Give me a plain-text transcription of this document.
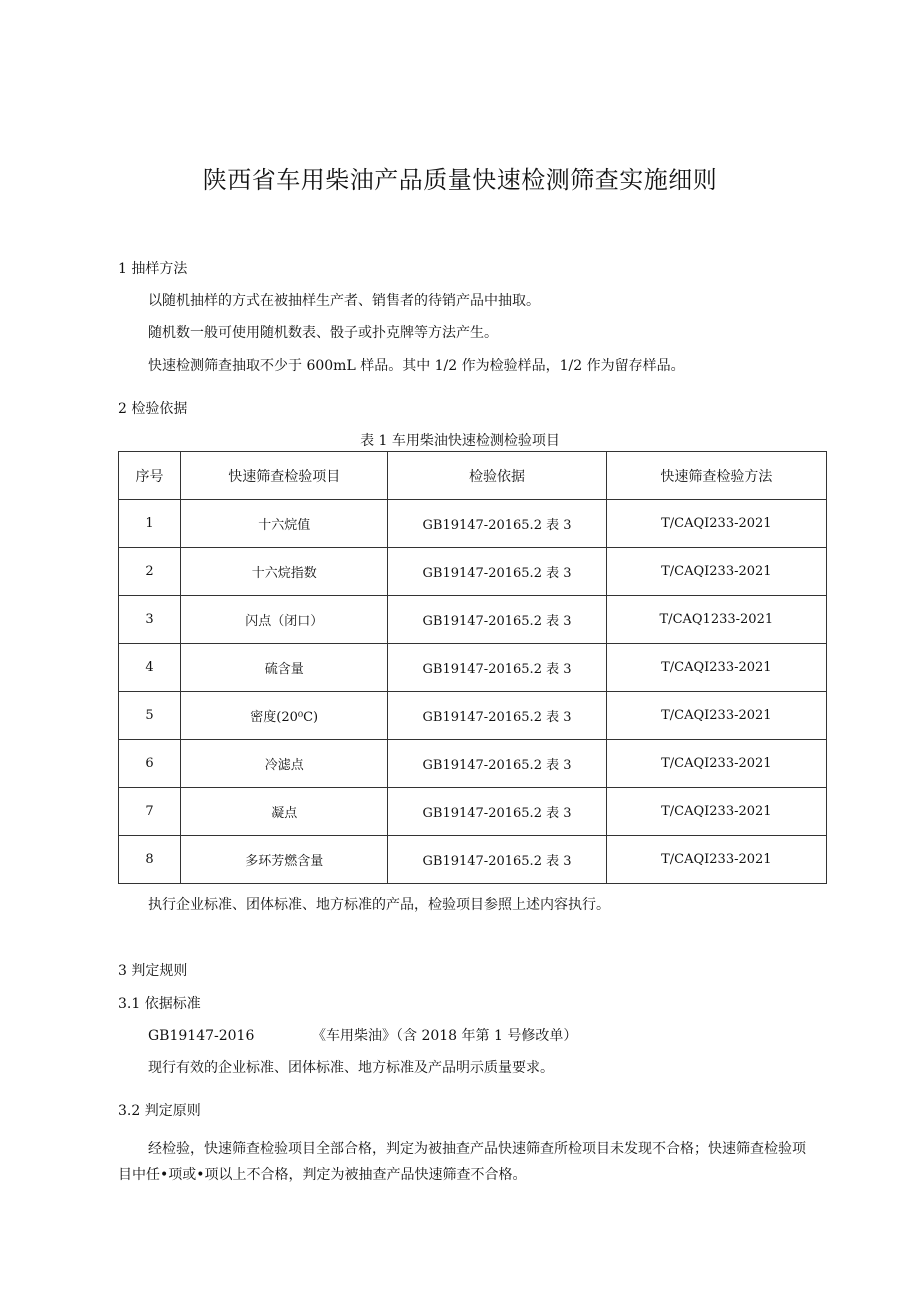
陕西省车用柴油产品质量快速检测筛查实施细则
1 抽样方法
以随机抽样的方式在被抽样生产者、销售者的待销产品中抽取。
随机数一般可使用随机数表、骰子或扑克牌等方法产生。
快速检测筛查抽取不少于 600mL 样品。其中 1/2 作为检验样品，1/2 作为留存样品。
2 检验依据
表 1 车用柴油快速检测检验项目
序号	快速筛查检验项目	检验依据	快速筛查检验方法
1	十六烷值	GB19147-20165.2 表 3	T/CAQI233-2021
2	十六烷指数	GB19147-20165.2 表 3	T/CAQI233-2021
3	闪点（闭口）	GB19147-20165.2 表 3	T/CAQ1233-2021
4	硫含量	GB19147-20165.2 表 3	T/CAQI233-2021
5	密度(20⁰C)	GB19147-20165.2 表 3	T/CAQI233-2021
6	冷滤点	GB19147-20165.2 表 3	T/CAQI233-2021
7	凝点	GB19147-20165.2 表 3	T/CAQI233-2021
8	多环芳燃含量	GB19147-20165.2 表 3	T/CAQI233-2021
执行企业标准、团体标准、地方标准的产品，检验项目参照上述内容执行。
3 判定规则
3.1 依据标准
GB19147-2016	《车用柴油》（含 2018 年第 1 号修改单）
现行有效的企业标准、团体标准、地方标准及产品明示质量要求。
3.2 判定原则
经检验，快速筛查检验项目全部合格，判定为被抽查产品快速筛查所检项目未发现不合格；快速筛查检验项目中任•项或•项以上不合格，判定为被抽查产品快速筛查不合格。
